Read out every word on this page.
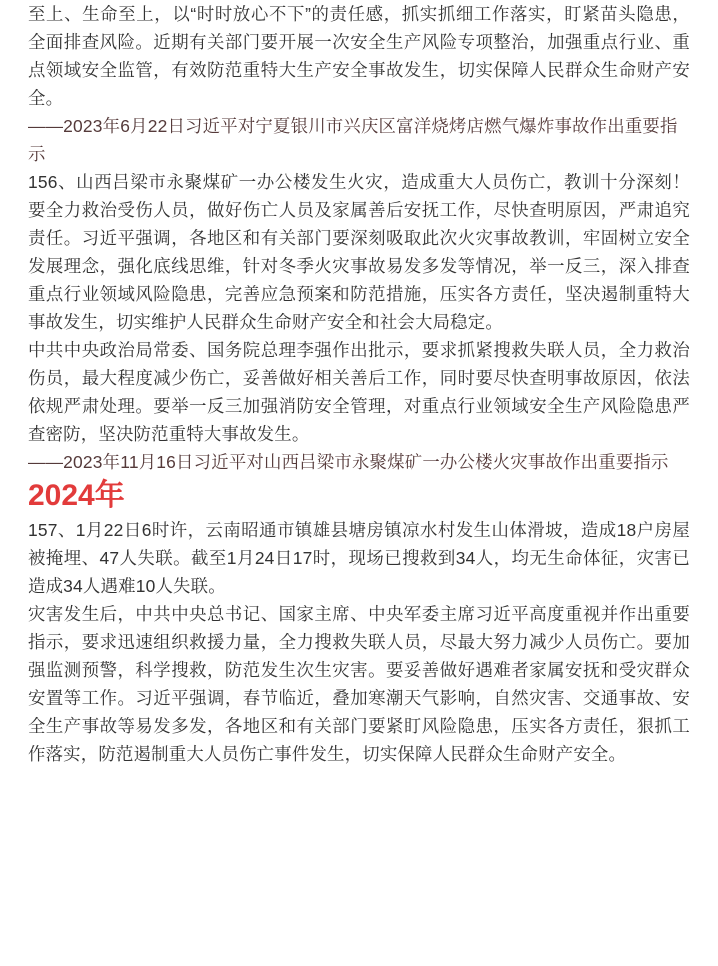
至上、生命至上，以“时时放心不下”的责任感，抓实抓细工作落实，盯紧苗头隐患，全面排查风险。近期有关部门要开展一次安全生产风险专项整治，加强重点行业、重点领域安全监管，有效防范重特大生产安全事故发生，切实保障人民群众生命财产安全。

——2023年6月22日习近平对宁夏银川市兴庆区富洋烧烤店燃气爆炸事故作出重要指示

156、山西吕梁市永聚煤矿一办公楼发生火灾，造成重大人员伤亡，教训十分深刻！要全力救治受伤人员，做好伤亡人员及家属善后安抚工作，尽快查明原因，严肃追究责任。习近平强调，各地区和有关部门要深刻吸取此次火灾事故教训，牢固树立安全发展理念，强化底线思维，针对冬季火灾事故易发多发等情况，举一反三，深入排查重点行业领域风险隐患，完善应急预案和防范措施，压实各方责任，坚决遏制重特大事故发生，切实维护人民群众生命财产安全和社会大局稳定。

中共中央政治局常委、国务院总理李强作出批示，要求抓紧搜救失联人员，全力救治伤员，最大程度减少伤亡，妥善做好相关善后工作，同时要尽快查明事故原因，依法依规严肃处理。要举一反三加强消防安全管理，对重点行业领域安全生产风险隐患严查密防，坚决防范重特大事故发生。

——2023年11月16日习近平对山西吕梁市永聚煤矿一办公楼火灾事故作出重要指示

2024年

157、1月22日6时许，云南昭通市镇雄县塘房镇凉水村发生山体滑坡，造成18户房屋被掩埋、47人失联。截至1月24日17时，现场已搜救到34人，均无生命体征，灾害已造成34人遇难10人失联。

灾害发生后，中共中央总书记、国家主席、中央军委主席习近平高度重视并作出重要指示，要求迅速组织救援力量，全力搜救失联人员，尽最大努力减少人员伤亡。要加强监测预警，科学搜救，防范发生次生灾害。要妥善做好遇难者家属安抚和受灾群众安置等工作。习近平强调，春节临近，叠加寒潮天气影响，自然灾害、交通事故、安全生产事故等易发多发，各地区和有关部门要紧盯风险隐患，压实各方责任，狠抓工作落实，防范遏制重大人员伤亡事件发生，切实保障人民群众生命财产安全。
